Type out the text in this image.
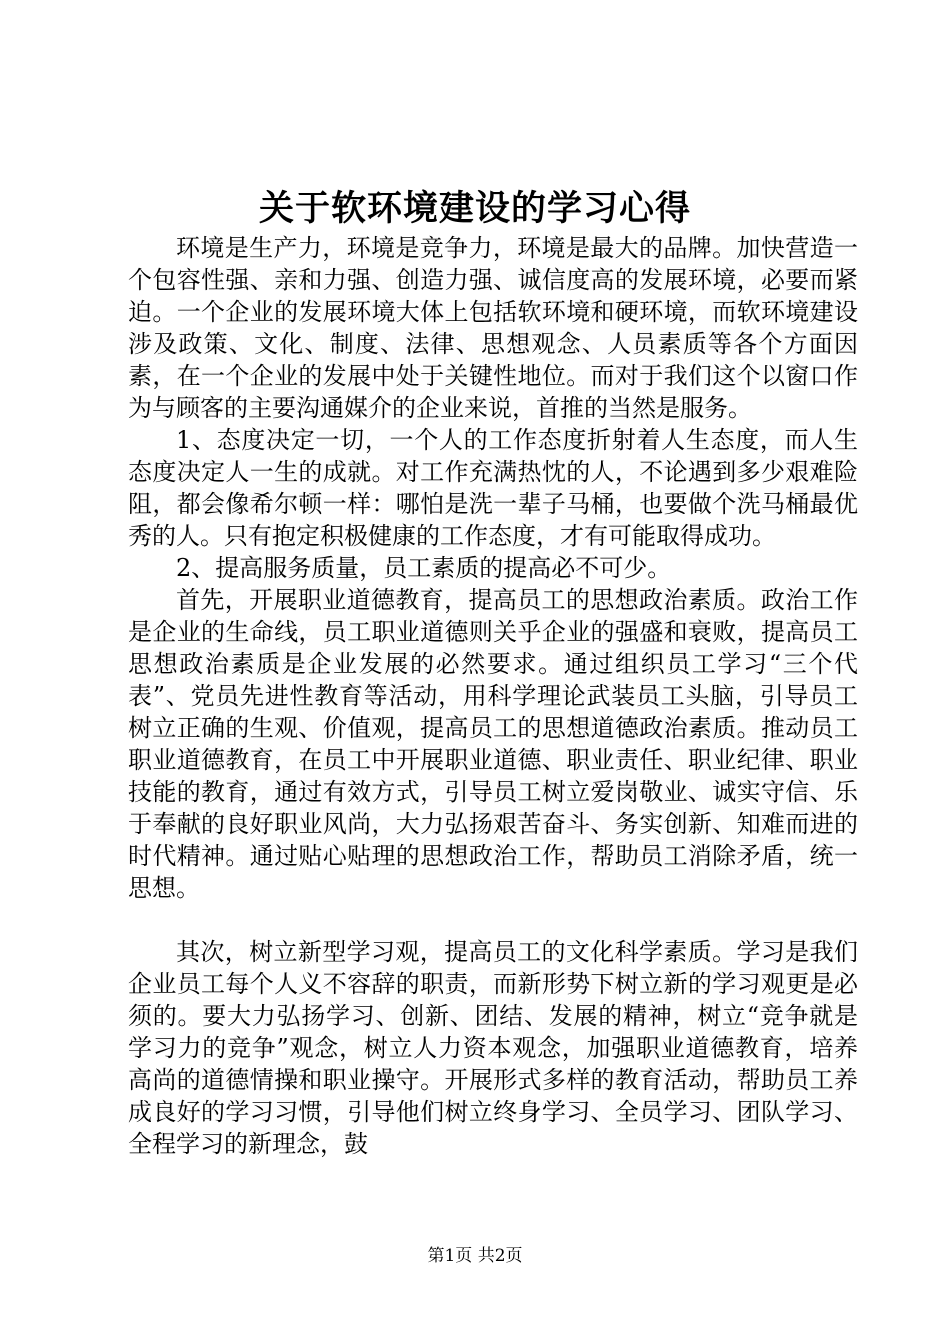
关于软环境建设的学习心得

环境是生产力，环境是竞争力，环境是最大的品牌。加快营造一个包容性强、亲和力强、创造力强、诚信度高的发展环境，必要而紧迫。一个企业的发展环境大体上包括软环境和硬环境，而软环境建设涉及政策、文化、制度、法律、思想观念、人员素质等各个方面因素，在一个企业的发展中处于关键性地位。而对于我们这个以窗口作为与顾客的主要沟通媒介的企业来说，首推的当然是服务。

1、态度决定一切，一个人的工作态度折射着人生态度，而人生态度决定人一生的成就。对工作充满热忱的人，不论遇到多少艰难险阻，都会像希尔顿一样：哪怕是洗一辈子马桶，也要做个洗马桶最优秀的人。只有抱定积极健康的工作态度，才有可能取得成功。

2、提高服务质量，员工素质的提高必不可少。

首先，开展职业道德教育，提高员工的思想政治素质。政治工作是企业的生命线，员工职业道德则关乎企业的强盛和衰败，提高员工思想政治素质是企业发展的必然要求。通过组织员工学习“三个代表”、党员先进性教育等活动，用科学理论武装员工头脑，引导员工树立正确的生观、价值观，提高员工的思想道德政治素质。推动员工职业道德教育，在员工中开展职业道德、职业责任、职业纪律、职业技能的教育，通过有效方式，引导员工树立爱岗敬业、诚实守信、乐于奉献的良好职业风尚，大力弘扬艰苦奋斗、务实创新、知难而进的时代精神。通过贴心贴理的思想政治工作，帮助员工消除矛盾，统一思想。

其次，树立新型学习观，提高员工的文化科学素质。学习是我们企业员工每个人义不容辞的职责，而新形势下树立新的学习观更是必须的。要大力弘扬学习、创新、团结、发展的精神，树立“竞争就是学习力的竞争”观念，树立人力资本观念，加强职业道德教育，培养高尚的道德情操和职业操守。开展形式多样的教育活动，帮助员工养成良好的学习习惯，引导他们树立终身学习、全员学习、团队学习、全程学习的新理念，鼓

第1页 共2页
